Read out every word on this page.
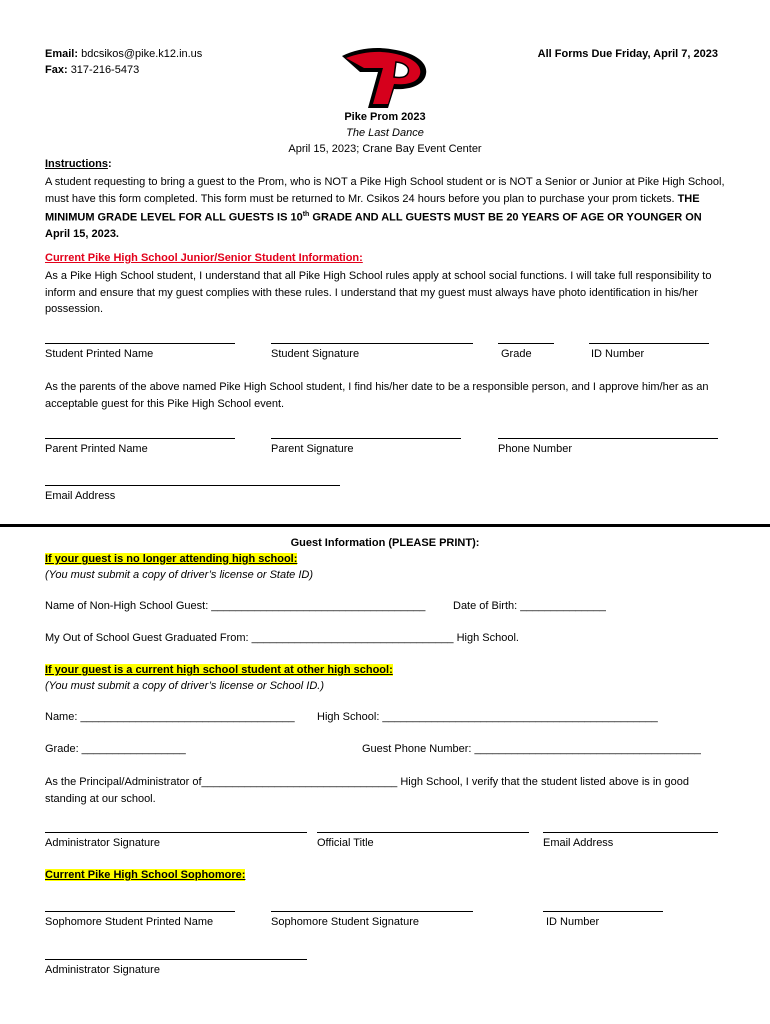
Email: bdcsikos@pike.k12.in.us
Fax: 317-216-5473
All Forms Due Friday, April 7, 2023
Pike Prom 2023
The Last Dance
April 15, 2023; Crane Bay Event Center
Instructions:
A student requesting to bring a guest to the Prom, who is NOT a Pike High School student or is NOT a Senior or Junior at Pike High School, must have this form completed. This form must be returned to Mr. Csikos 24 hours before you plan to purchase your prom tickets. THE MINIMUM GRADE LEVEL FOR ALL GUESTS IS 10th GRADE AND ALL GUESTS MUST BE 20 YEARS OF AGE OR YOUNGER ON April 15, 2023.
Current Pike High School Junior/Senior Student Information:
As a Pike High School student, I understand that all Pike High School rules apply at school social functions. I will take full responsibility to inform and ensure that my guest complies with these rules. I understand that my guest must always have photo identification in his/her possession.
Student Printed Name	Student Signature	Grade	ID Number
As the parents of the above named Pike High School student, I find his/her date to be a responsible person, and I approve him/her as an acceptable guest for this Pike High School event.
Parent Printed Name	Parent Signature	Phone Number
Email Address
Guest Information (PLEASE PRINT):
If your guest is no longer attending high school:
(You must submit a copy of driver’s license or State ID)
Name of Non-High School Guest: ___________________________________	Date of Birth: ______________
My Out of School Guest Graduated From: _________________________________ High School.
If your guest is a current high school student at other high school:
(You must submit a copy of driver’s license or School ID.)
Name: ___________________________________ High School: _____________________________________________
Grade: _________________	Guest Phone Number: _____________________________________
As the Principal/Administrator of________________________________ High School, I verify that the student listed above is in good standing at our school.
Administrator Signature	Official Title	Email Address
Current Pike High School Sophomore:
Sophomore Student Printed Name	Sophomore Student Signature	ID Number
Administrator Signature
